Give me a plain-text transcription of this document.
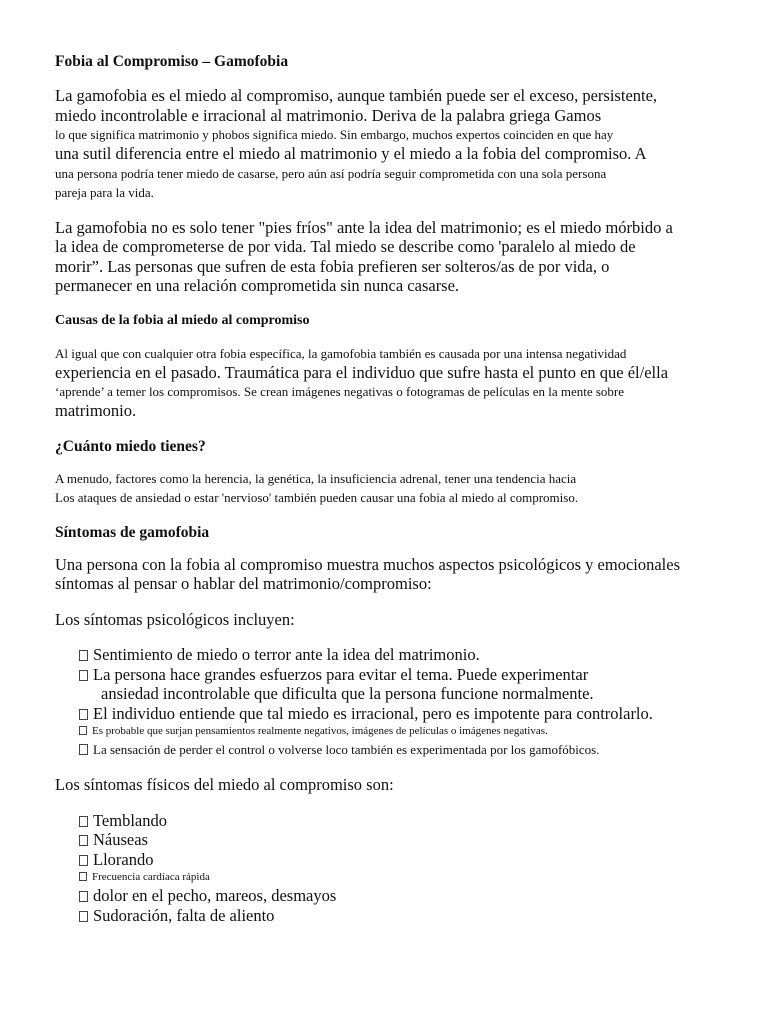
Fobia al Compromiso – Gamofobia
La gamofobia es el miedo al compromiso, aunque también puede ser el exceso, persistente,
miedo incontrolable e irracional al matrimonio. Deriva de la palabra griega Gamos
lo que significa matrimonio y phobos significa miedo. Sin embargo, muchos expertos coinciden en que hay
una sutil diferencia entre el miedo al matrimonio y el miedo a la fobia del compromiso. A
una persona podría tener miedo de casarse, pero aún así podría seguir comprometida con una sola persona
pareja para la vida.
La gamofobia no es solo tener "pies fríos" ante la idea del matrimonio; es el miedo mórbido a
la idea de comprometerse de por vida. Tal miedo se describe como 'paralelo al miedo de
morir”. Las personas que sufren de esta fobia prefieren ser solteros/as de por vida, o
permanecer en una relación comprometida sin nunca casarse.
Causas de la fobia al miedo al compromiso
Al igual que con cualquier otra fobia específica, la gamofobia también es causada por una intensa negatividad
experiencia en el pasado. Traumática para el individuo que sufre hasta el punto en que él/ella
‘aprende’ a temer los compromisos. Se crean imágenes negativas o fotogramas de películas en la mente sobre
matrimonio.
¿Cuánto miedo tienes?
A menudo, factores como la herencia, la genética, la insuficiencia adrenal, tener una tendencia hacia
Los ataques de ansiedad o estar 'nervioso' también pueden causar una fobia al miedo al compromiso.
Síntomas de gamofobia
Una persona con la fobia al compromiso muestra muchos aspectos psicológicos y emocionales
síntomas al pensar o hablar del matrimonio/compromiso:
Los síntomas psicológicos incluyen:
Sentimiento de miedo o terror ante la idea del matrimonio.
La persona hace grandes esfuerzos para evitar el tema. Puede experimentar
ansiedad incontrolable que dificulta que la persona funcione normalmente.
El individuo entiende que tal miedo es irracional, pero es impotente para controlarlo.
Es probable que surjan pensamientos realmente negativos, imágenes de películas o imágenes negativas.
La sensación de perder el control o volverse loco también es experimentada por los gamofóbicos.
Los síntomas físicos del miedo al compromiso son:
Temblando
Náuseas
Llorando
Frecuencia cardíaca rápida
dolor en el pecho, mareos, desmayos
Sudoración, falta de aliento
